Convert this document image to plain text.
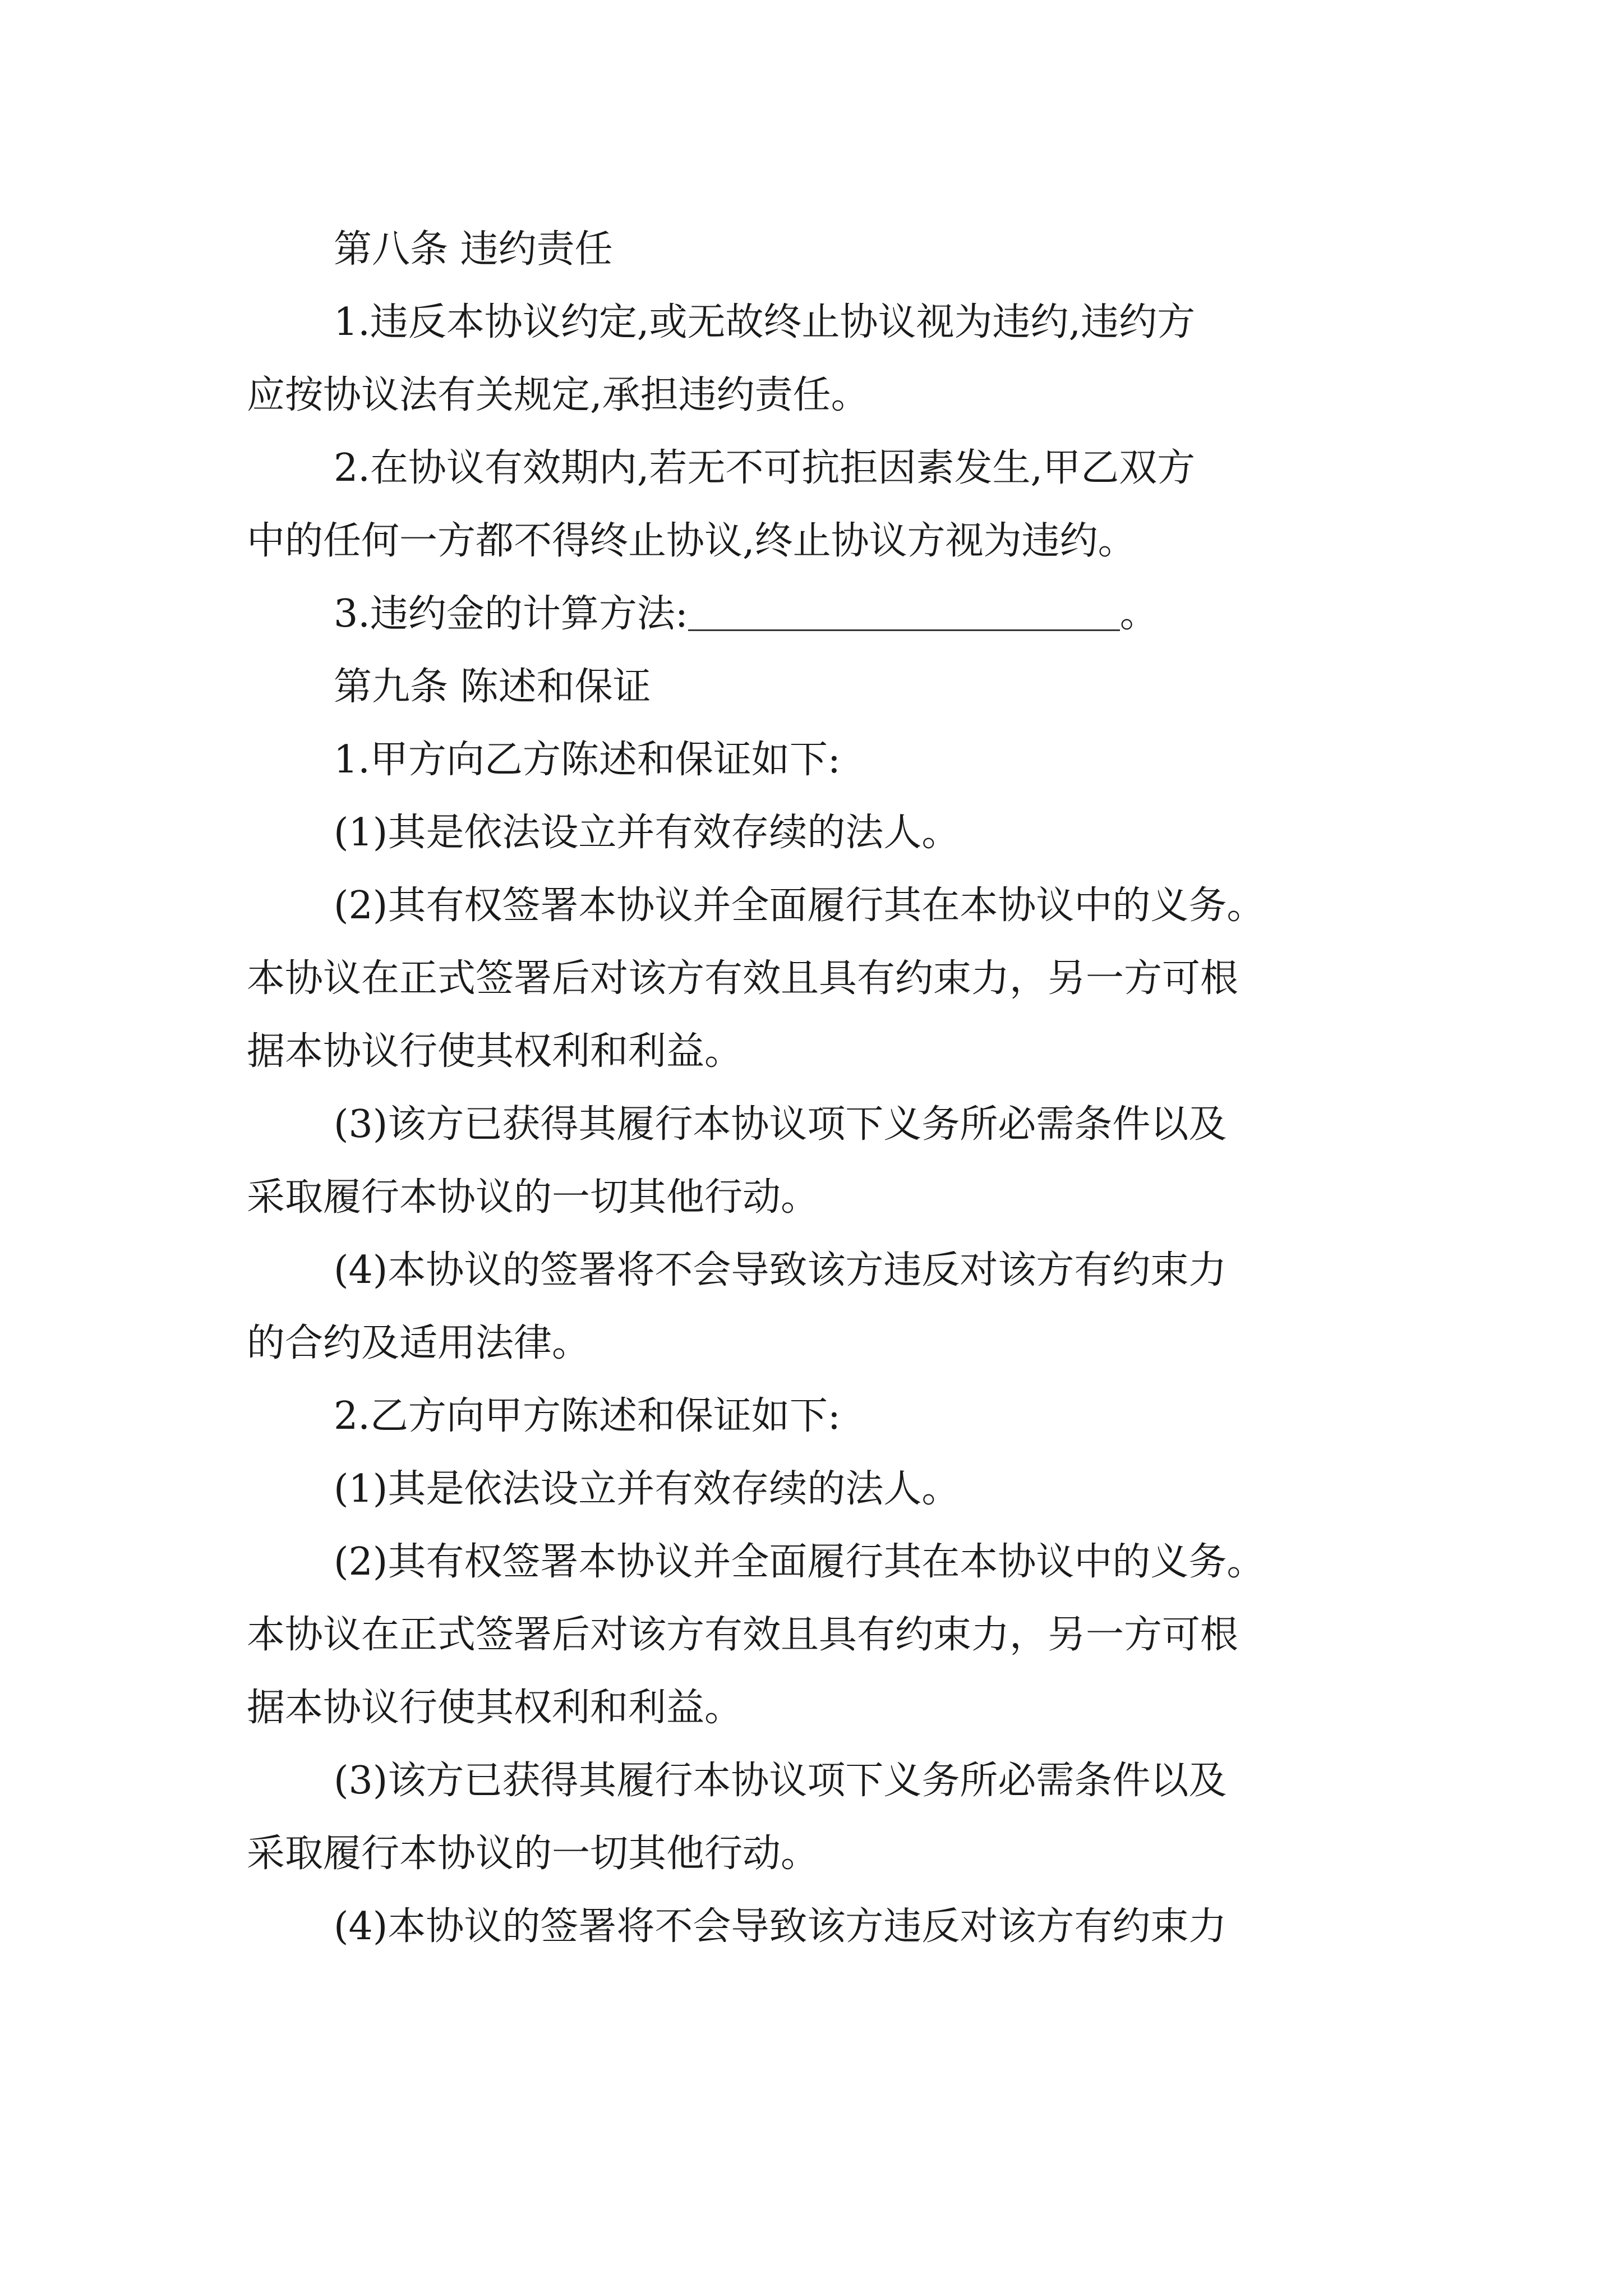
第八条 违约责任
1.违反本协议约定,或无故终止协议视为违约,违约方
应按协议法有关规定,承担违约责任。
2.在协议有效期内,若无不可抗拒因素发生,甲乙双方
中的任何一方都不得终止协议,终止协议方视为违约。
3.违约金的计算方法:	。
第九条 陈述和保证
1.甲方向乙方陈述和保证如下:
(1)其是依法设立并有效存续的法人。
(2)其有权签署本协议并全面履行其在本协议中的义务。
本协议在正式签署后对该方有效且具有约束力，另一方可根
据本协议行使其权利和利益。
(3)该方已获得其履行本协议项下义务所必需条件以及
采取履行本协议的一切其他行动。
(4)本协议的签署将不会导致该方违反对该方有约束力
的合约及适用法律。
2.乙方向甲方陈述和保证如下:
(1)其是依法设立并有效存续的法人。
(2)其有权签署本协议并全面履行其在本协议中的义务。
本协议在正式签署后对该方有效且具有约束力，另一方可根
据本协议行使其权利和利益。
(3)该方已获得其履行本协议项下义务所必需条件以及
采取履行本协议的一切其他行动。
(4)本协议的签署将不会导致该方违反对该方有约束力
